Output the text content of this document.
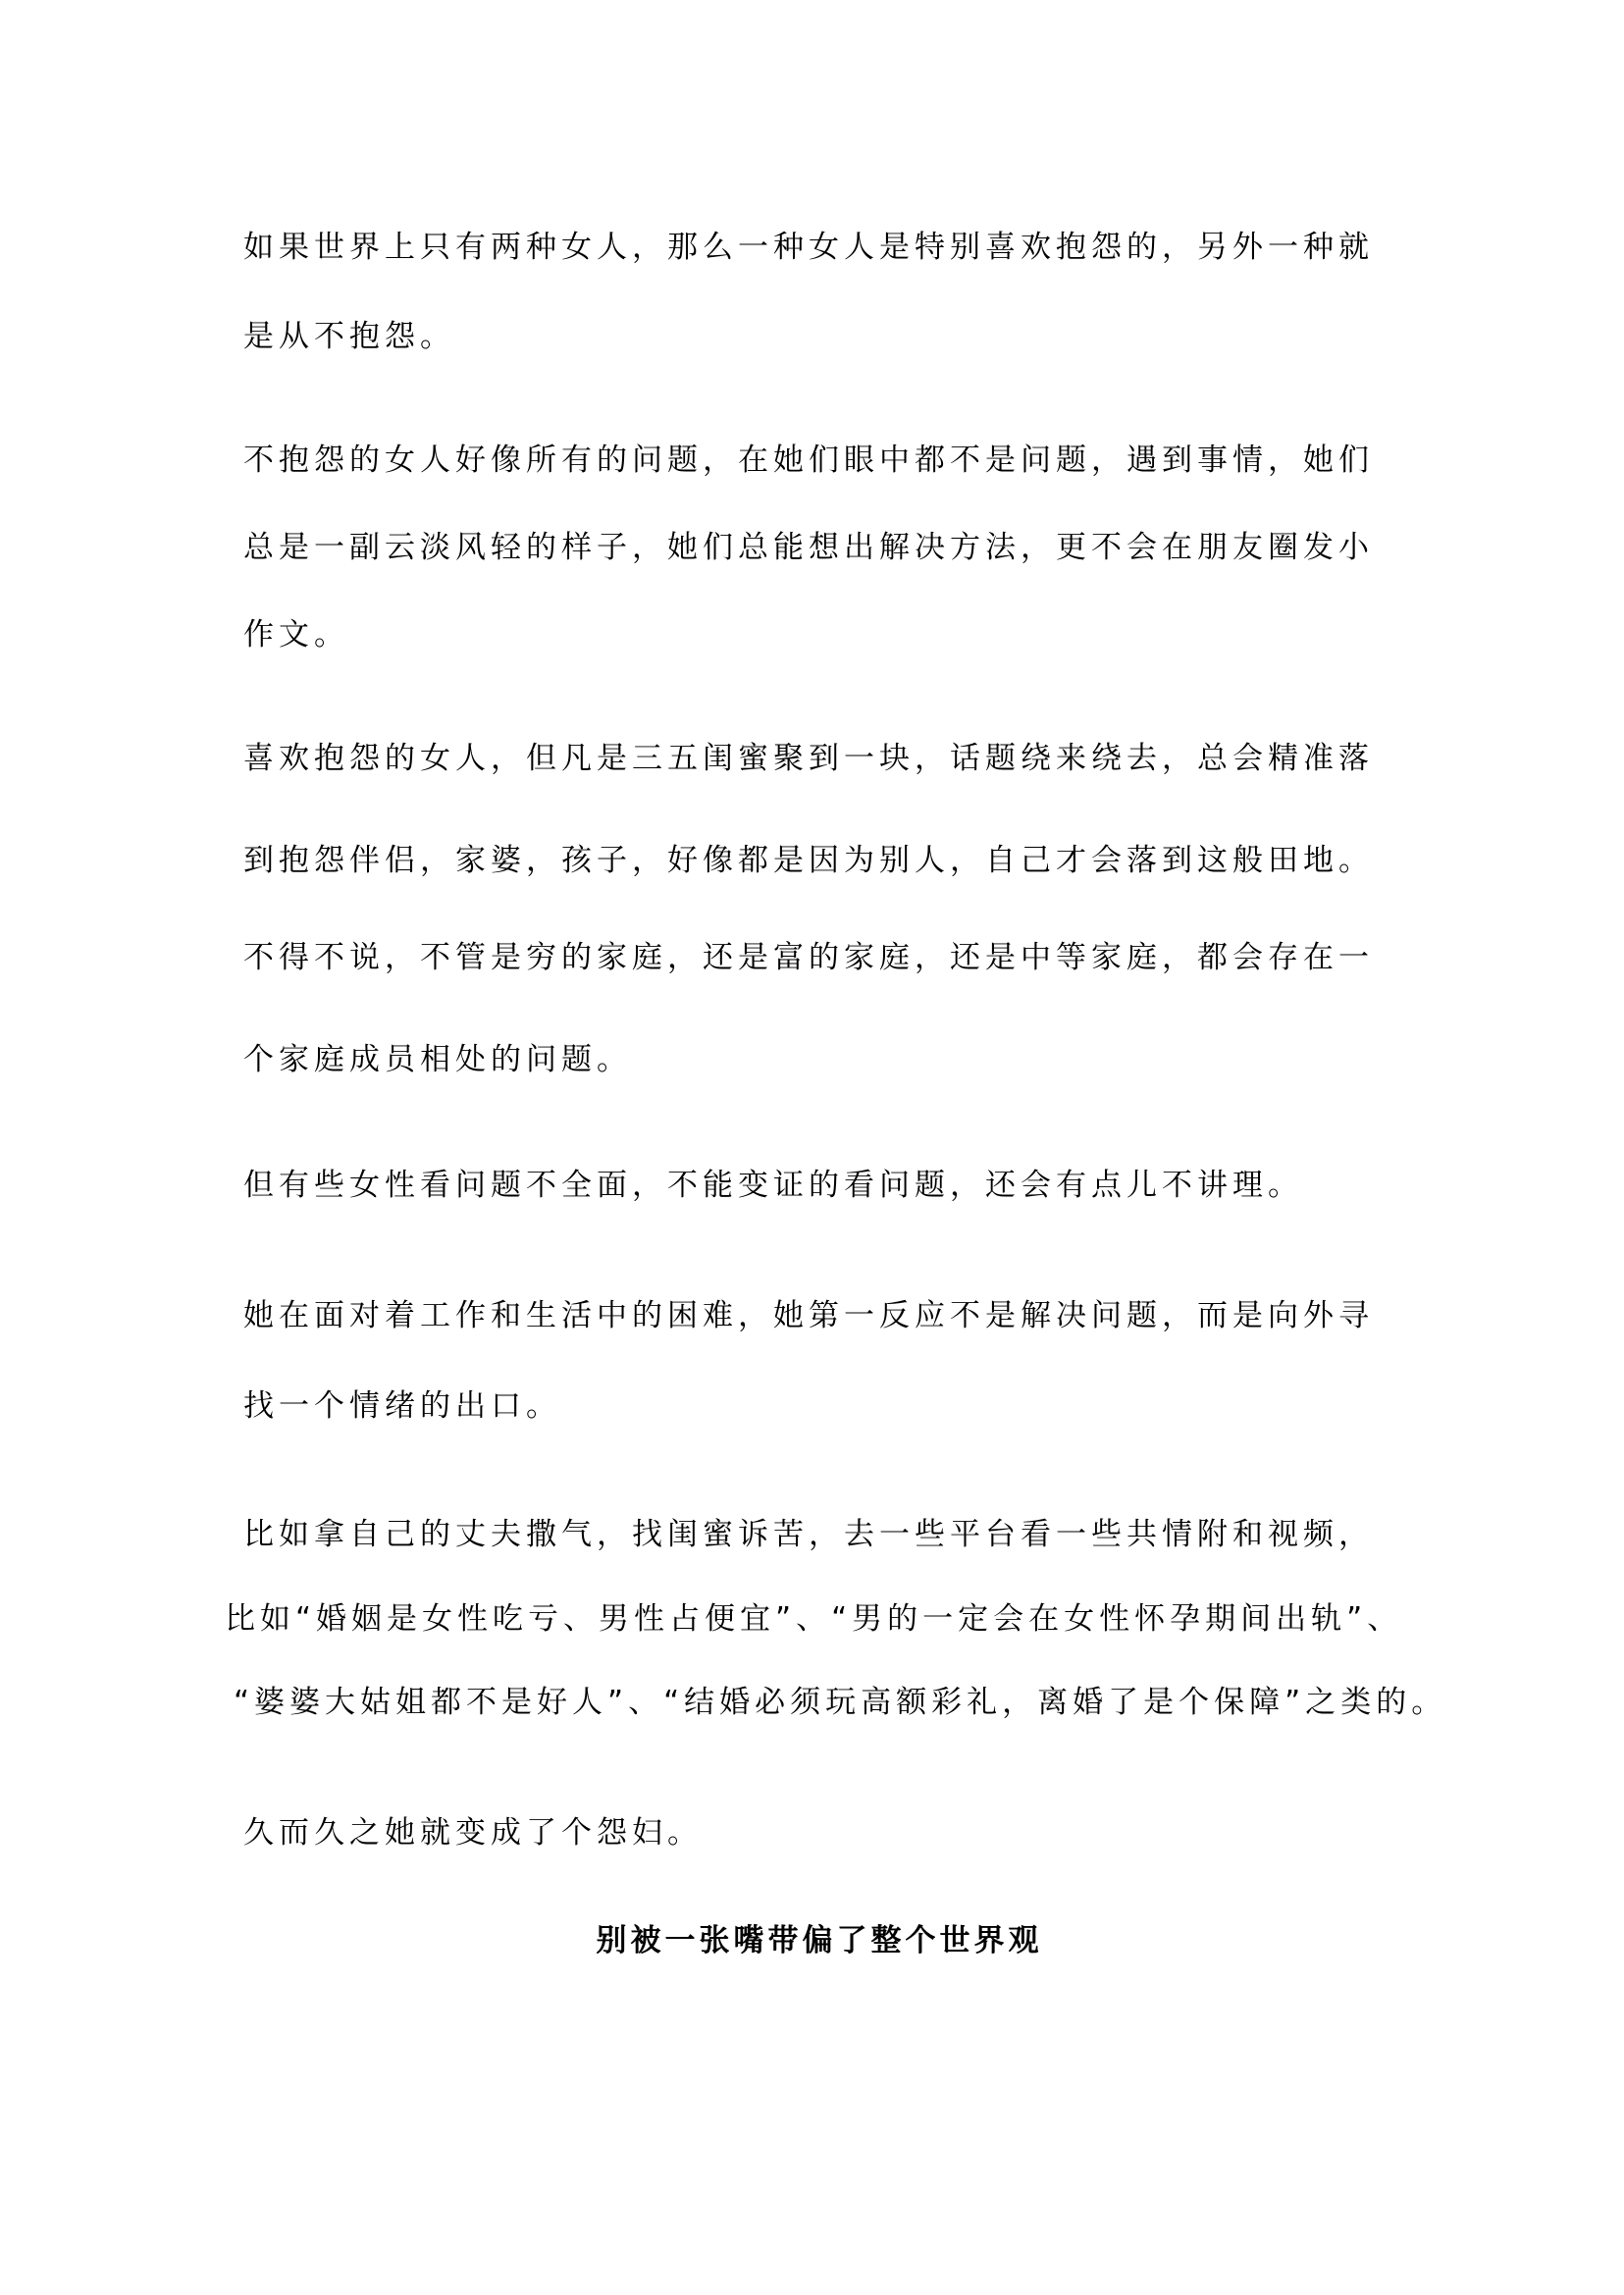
如果世界上只有两种女人，那么一种女人是特别喜欢抱怨的，另外一种就
是从不抱怨。
不抱怨的女人好像所有的问题，在她们眼中都不是问题，遇到事情，她们
总是一副云淡风轻的样子，她们总能想出解决方法，更不会在朋友圈发小
作文。
喜欢抱怨的女人，但凡是三五闺蜜聚到一块，话题绕来绕去，总会精准落
到抱怨伴侣，家婆，孩子，好像都是因为别人，自己才会落到这般田地。
不得不说，不管是穷的家庭，还是富的家庭，还是中等家庭，都会存在一
个家庭成员相处的问题。
但有些女性看问题不全面，不能变证的看问题，还会有点儿不讲理。
她在面对着工作和生活中的困难，她第一反应不是解决问题，而是向外寻
找一个情绪的出口。
比如拿自己的丈夫撒气，找闺蜜诉苦，去一些平台看一些共情附和视频，
比如“婚姻是女性吃亏、男性占便宜”、“男的一定会在女性怀孕期间出轨”、
“婆婆大姑姐都不是好人”、“结婚必须玩高额彩礼，离婚了是个保障”之类的。
久而久之她就变成了个怨妇。
别被一张嘴带偏了整个世界观
